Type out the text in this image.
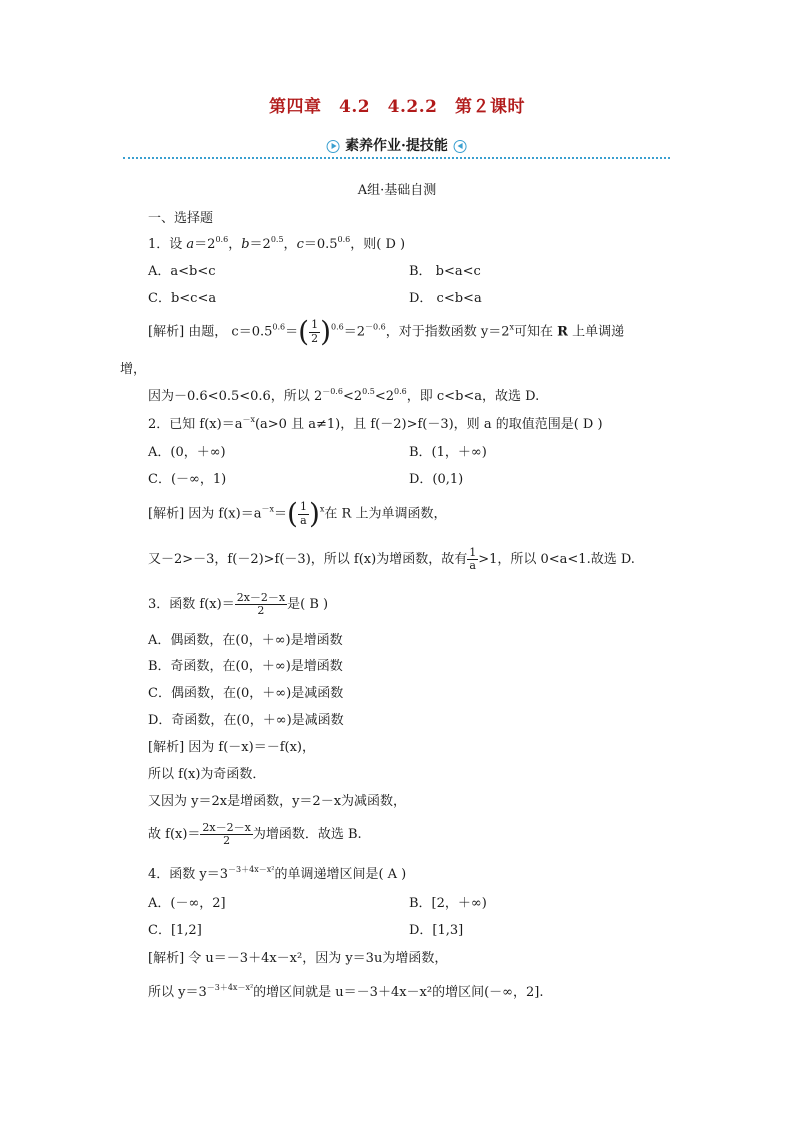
第四章　4.2　4.2.2　第２课时
素养作业·提技能
A组·基础自测
一、选择题
1．设 $a=2^{0.6}$，$b=2^{0.5}$，$c=0.5^{0.6}$，则( D )
A．a<b<c	B． b<a<c
C．b<c<a	D． c<b<a
[解析] 由题， $c=0.5^{0.6}=( \frac{1}{2} )^{0.6}=2^{-0.6}$，对于指数函数 $y=2^x$可知在 R 上单调递
增，
因为－0.6<0.5<0.6，所以 $2^{-0.6}<2^{0.5}<2^{0.6}$，即 c<b<a，故选 D.
2．已知 $f(x)=a^{-x}(a>0$ 且 a≠1)，且 f(－2)>f(－3)，则 a 的取值范围是( D )
A．(0，＋∞)	B．(1，＋∞)
C．(－∞，1)	D．(0,1)
[解析] 因为 $f(x)=a^{-x}=( \frac{1}{a} )^x$在 R 上为单调函数，
又－2>－3，f(－2)>f(－3)，所以 f(x)为增函数，故有 $\frac{1}{a} >1$，所以 0<a<1.故选 D.
3．函数 $f(x)= \frac{2x-2-x}{2}$ 是( B )
A．偶函数，在(0，＋∞)是增函数
B．奇函数，在(0，＋∞)是增函数
C．偶函数，在(0，＋∞)是减函数
D．奇函数，在(0，＋∞)是减函数
[解析] 因为 f(－x)＝－f(x)，
所以 f(x)为奇函数．
又因为 y＝2x是增函数，y＝2－x为减函数，
故 $f(x)= \frac{2x-2-x}{2}$ 为增函数．故选 B.
4．函数 $y=3^{-3+4x-x^2}$的单调递增区间是( A )
A．(－∞，2]	B．[2，＋∞)
C．[1,2]	D．[1,3]
[解析] 令 u＝－3＋4x－x²，因为 y＝3u为增函数，
所以 $y=3^{-3+4x-x^2}$的增区间就是 u＝－3＋4x－x²的增区间(－∞，2].
